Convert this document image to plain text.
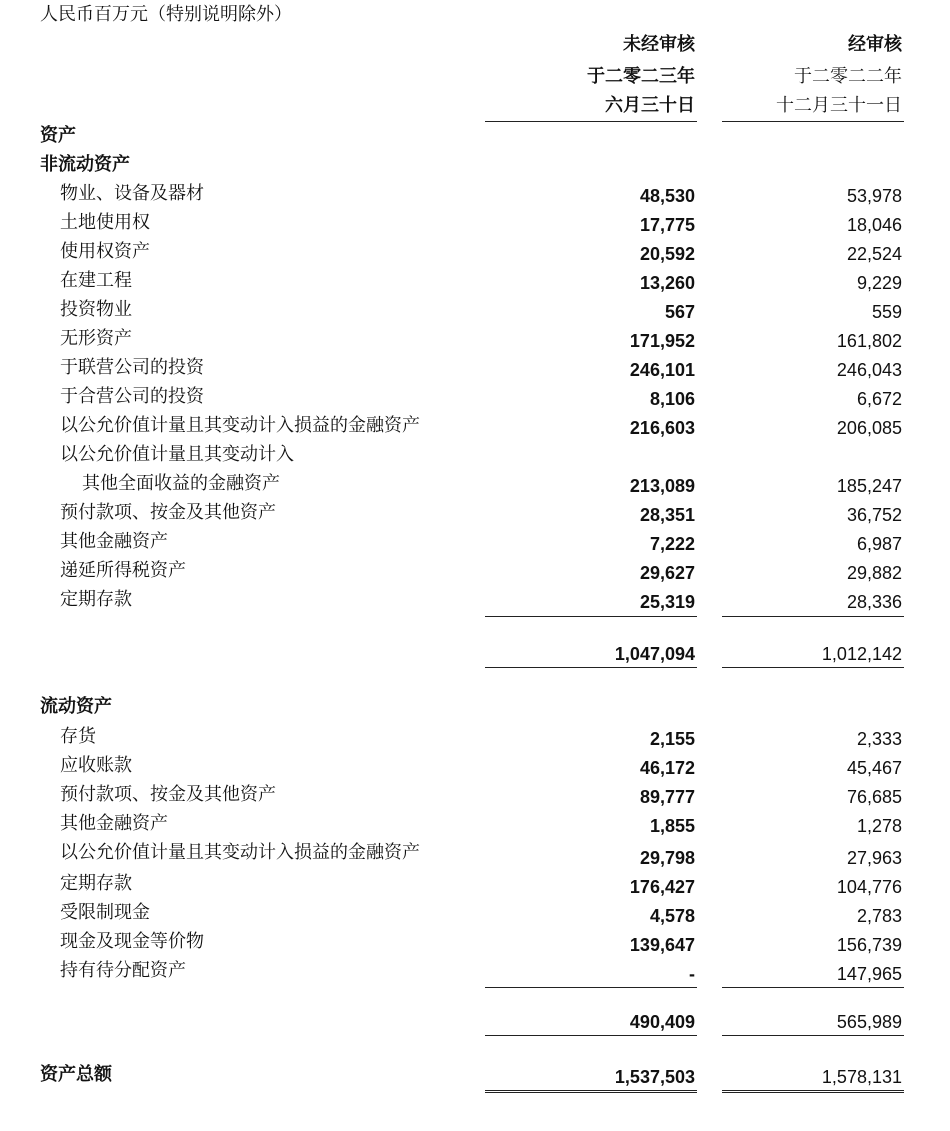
人民币百万元（特别说明除外）
未经审核
于二零二三年
六月三十日
经审核
于二零二二年
十二月三十一日
资产
非流动资产
物业、设备及器材	48,530	53,978
土地使用权	17,775	18,046
使用权资产	20,592	22,524
在建工程	13,260	9,229
投资物业	567	559
无形资产	171,952	161,802
于联营公司的投资	246,101	246,043
于合营公司的投资	8,106	6,672
以公允价值计量且其变动计入损益的金融资产	216,603	206,085
以公允价值计量且其变动计入
其他全面收益的金融资产	213,089	185,247
预付款项、按金及其他资产	28,351	36,752
其他金融资产	7,222	6,987
递延所得税资产	29,627	29,882
定期存款	25,319	28,336
1,047,094	1,012,142
流动资产
存货	2,155	2,333
应收账款	46,172	45,467
预付款项、按金及其他资产	89,777	76,685
其他金融资产	1,855	1,278
以公允价值计量且其变动计入损益的金融资产	29,798	27,963
定期存款	176,427	104,776
受限制现金	4,578	2,783
现金及现金等价物	139,647	156,739
持有待分配资产	-	147,965
490,409	565,989
资产总额	1,537,503	1,578,131
